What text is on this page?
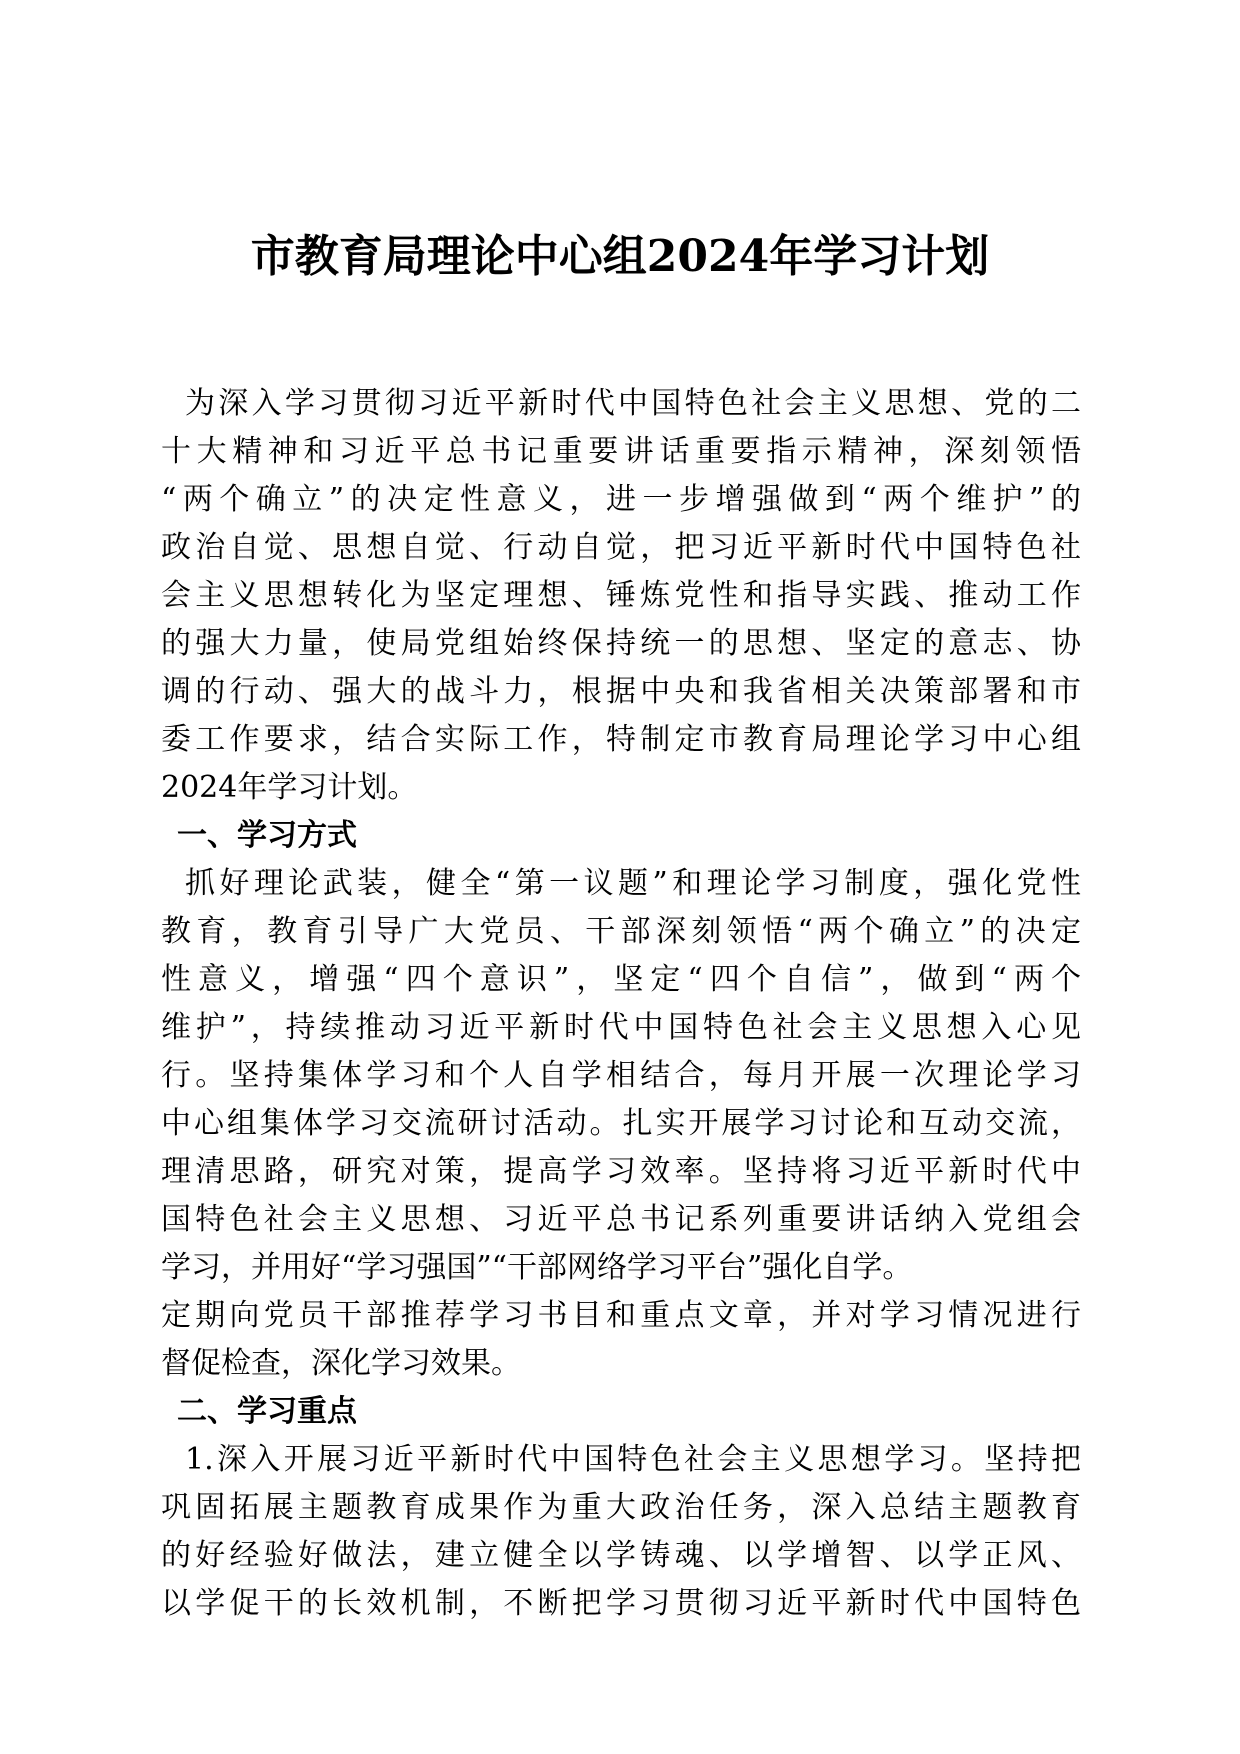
市教育局理论中心组2024年学习计划
为深入学习贯彻习近平新时代中国特色社会主义思想、党的二
十大精神和习近平总书记重要讲话重要指示精神，深刻领悟
“两个确立”的决定性意义，进一步增强做到“两个维护”的
政治自觉、思想自觉、行动自觉，把习近平新时代中国特色社
会主义思想转化为坚定理想、锤炼党性和指导实践、推动工作
的强大力量，使局党组始终保持统一的思想、坚定的意志、协
调的行动、强大的战斗力，根据中央和我省相关决策部署和市
委工作要求，结合实际工作，特制定市教育局理论学习中心组
2024年学习计划。
一、学习方式
抓好理论武装，健全“第一议题”和理论学习制度，强化党性
教育，教育引导广大党员、干部深刻领悟“两个确立”的决定
性意义，增强“四个意识”，坚定“四个自信”，做到“两个
维护”，持续推动习近平新时代中国特色社会主义思想入心见
行。坚持集体学习和个人自学相结合，每月开展一次理论学习
中心组集体学习交流研讨活动。扎实开展学习讨论和互动交流，
理清思路，研究对策，提高学习效率。坚持将习近平新时代中
国特色社会主义思想、习近平总书记系列重要讲话纳入党组会
学习，并用好“学习强国”“干部网络学习平台”强化自学。
定期向党员干部推荐学习书目和重点文章，并对学习情况进行
督促检查，深化学习效果。
二、学习重点
1.深入开展习近平新时代中国特色社会主义思想学习。坚持把
巩固拓展主题教育成果作为重大政治任务，深入总结主题教育
的好经验好做法，建立健全以学铸魂、以学增智、以学正风、
以学促干的长效机制，不断把学习贯彻习近平新时代中国特色
